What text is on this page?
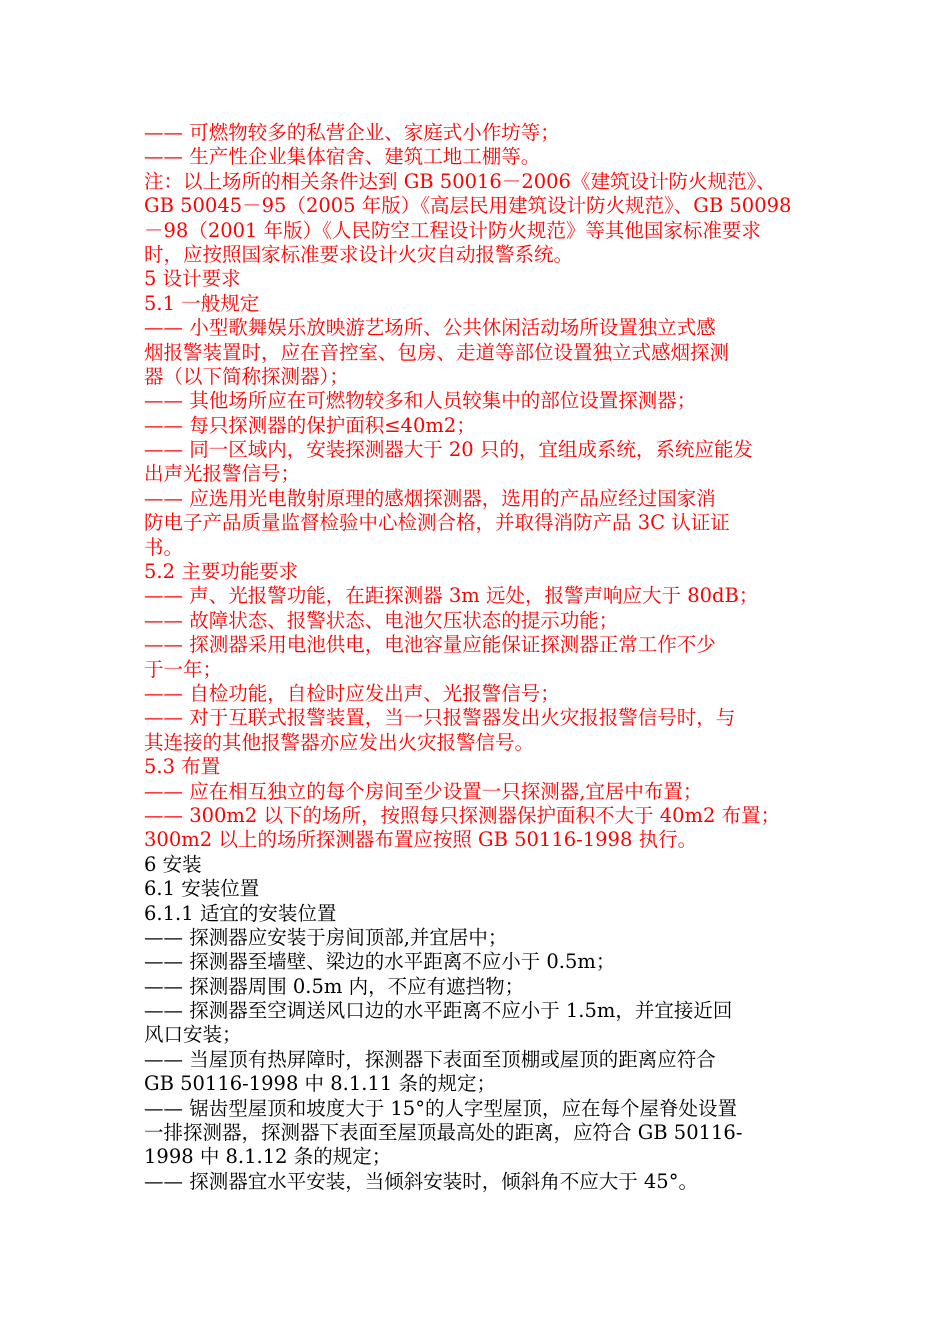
—— 可燃物较多的私营企业、家庭式小作坊等；
—— 生产性企业集体宿舍、建筑工地工棚等。
注：以上场所的相关条件达到 GB 50016－2006《建筑设计防火规范》、
GB 50045－95（2005 年版）《高层民用建筑设计防火规范》、GB 50098
－98（2001 年版）《人民防空工程设计防火规范》等其他国家标准要求
时，应按照国家标准要求设计火灾自动报警系统。
5 设计要求
5.1 一般规定
—— 小型歌舞娱乐放映游艺场所、公共休闲活动场所设置独立式感
烟报警装置时，应在音控室、包房、走道等部位设置独立式感烟探测
器（以下简称探测器）；
—— 其他场所应在可燃物较多和人员较集中的部位设置探测器；
—— 每只探测器的保护面积≤40m2；
—— 同一区域内，安装探测器大于 20 只的，宜组成系统，系统应能发
出声光报警信号；
—— 应选用光电散射原理的感烟探测器，选用的产品应经过国家消
防电子产品质量监督检验中心检测合格，并取得消防产品 3C 认证证
书。
5.2 主要功能要求
—— 声、光报警功能，在距探测器 3m 远处，报警声响应大于 80dB；
—— 故障状态、报警状态、电池欠压状态的提示功能；
—— 探测器采用电池供电，电池容量应能保证探测器正常工作不少
于一年；
—— 自检功能，自检时应发出声、光报警信号；
—— 对于互联式报警装置，当一只报警器发出火灾报报警信号时，与
其连接的其他报警器亦应发出火灾报警信号。
5.3 布置
—— 应在相互独立的每个房间至少设置一只探测器,宜居中布置；
—— 300m2 以下的场所，按照每只探测器保护面积不大于 40m2 布置；
300m2 以上的场所探测器布置应按照 GB 50116-1998 执行。
6 安装
6.1 安装位置
6.1.1 适宜的安装位置
—— 探测器应安装于房间顶部,并宜居中；
—— 探测器至墙壁、梁边的水平距离不应小于 0.5m；
—— 探测器周围 0.5m 内，不应有遮挡物；
—— 探测器至空调送风口边的水平距离不应小于 1.5m，并宜接近回
风口安装；
—— 当屋顶有热屏障时，探测器下表面至顶棚或屋顶的距离应符合
GB 50116-1998 中 8.1.11 条的规定；
—— 锯齿型屋顶和坡度大于 15°的人字型屋顶，应在每个屋脊处设置
一排探测器，探测器下表面至屋顶最高处的距离，应符合 GB 50116-
1998 中 8.1.12 条的规定；
—— 探测器宜水平安装，当倾斜安装时，倾斜角不应大于 45°。
